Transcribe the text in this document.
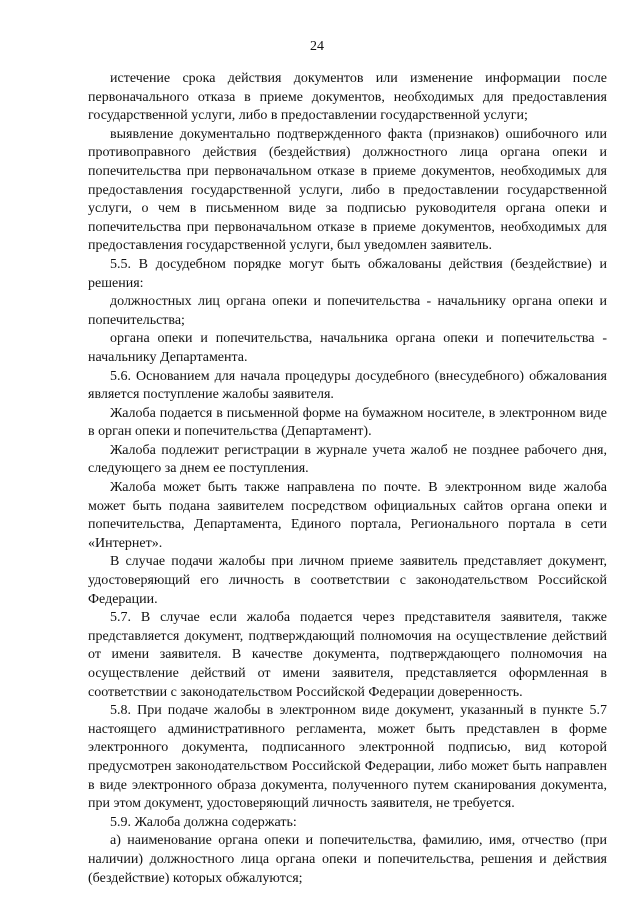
24

истечение срока действия документов или изменение информации после первоначального отказа в приеме документов, необходимых для предоставления государственной услуги, либо в предоставлении государственной услуги;

выявление документально подтвержденного факта (признаков) ошибочного или противоправного действия (бездействия) должностного лица органа опеки и попечительства при первоначальном отказе в приеме документов, необходимых для предоставления государственной услуги, либо в предоставлении государственной услуги, о чем в письменном виде за подписью руководителя органа опеки и попечительства при первоначальном отказе в приеме документов, необходимых для предоставления государственной услуги, был уведомлен заявитель.

5.5. В досудебном порядке могут быть обжалованы действия (бездействие) и решения:

должностных лиц органа опеки и попечительства - начальнику органа опеки и попечительства;

органа опеки и попечительства, начальника органа опеки и попечительства - начальнику Департамента.

5.6. Основанием для начала процедуры досудебного (внесудебного) обжалования является поступление жалобы заявителя.

Жалоба подается в письменной форме на бумажном носителе, в электронном виде в орган опеки и попечительства (Департамент).

Жалоба подлежит регистрации в журнале учета жалоб не позднее рабочего дня, следующего за днем ее поступления.

Жалоба может быть также направлена по почте. В электронном виде жалоба может быть подана заявителем посредством официальных сайтов органа опеки и попечительства, Департамента, Единого портала, Регионального портала в сети «Интернет».

В случае подачи жалобы при личном приеме заявитель представляет документ, удостоверяющий его личность в соответствии с законодательством Российской Федерации.

5.7. В случае если жалоба подается через представителя заявителя, также представляется документ, подтверждающий полномочия на осуществление действий от имени заявителя. В качестве документа, подтверждающего полномочия на осуществление действий от имени заявителя, представляется оформленная в соответствии с законодательством Российской Федерации доверенность.

5.8. При подаче жалобы в электронном виде документ, указанный в пункте 5.7 настоящего административного регламента, может быть представлен в форме электронного документа, подписанного электронной подписью, вид которой предусмотрен законодательством Российской Федерации, либо может быть направлен в виде электронного образа документа, полученного путем сканирования документа, при этом документ, удостоверяющий личность заявителя, не требуется.

5.9. Жалоба должна содержать:

а) наименование органа опеки и попечительства, фамилию, имя, отчество (при наличии) должностного лица органа опеки и попечительства, решения и действия (бездействие) которых обжалуются;
